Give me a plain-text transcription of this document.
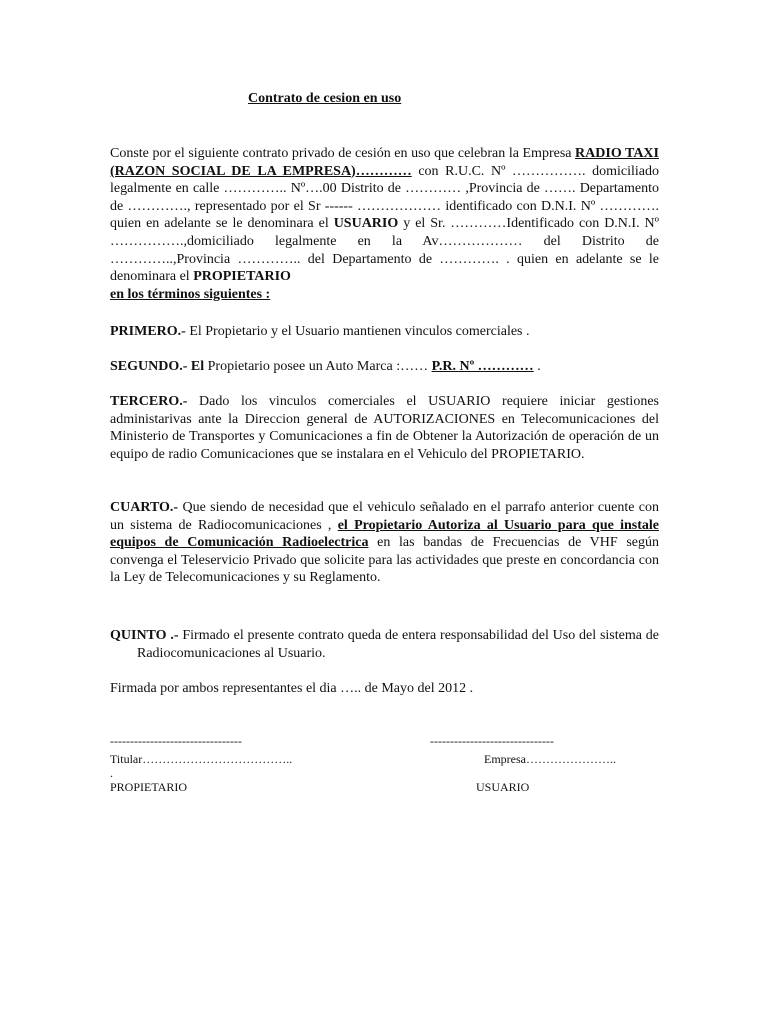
Contrato de cesion en uso
Conste por el siguiente contrato privado de cesión en uso que celebran la Empresa RADIO TAXI (RAZON SOCIAL DE LA EMPRESA)………… con R.U.C. Nº ……………. domiciliado legalmente en calle ………….. Nº….00 Distrito de ………… ,Provincia de ……. Departamento de …………., representado por el Sr ------ ……………… identificado con D.N.I. Nº …………. quien en adelante se le denominara el USUARIO y el Sr. …………Identificado con D.N.I. Nº …………….,domiciliado legalmente en la Av……………… del Distrito de …………..,Provincia ………….. del Departamento de …………. . quien en adelante se le denominara el PROPIETARIO
en los términos siguientes :
PRIMERO.- El Propietario y el Usuario mantienen vinculos comerciales .
SEGUNDO.- El Propietario posee un Auto Marca :…… P.R. Nº ………… .
TERCERO.- Dado los vinculos comerciales el USUARIO requiere iniciar gestiones administarivas ante la Direccion general de AUTORIZACIONES en Telecomunicaciones del Ministerio de Transportes y Comunicaciones a fin de Obtener la Autorización de operación de un equipo de radio Comunicaciones que se instalara en el Vehiculo del PROPIETARIO.
CUARTO.- Que siendo de necesidad que el vehiculo señalado en el parrafo anterior cuente con un sistema de Radiocomunicaciones , el Propietario Autoriza al Usuario para que instale equipos de Comunicación Radioelectrica en las bandas de Frecuencias de VHF según convenga el Teleservicio Privado que solicite para las actividades que preste en concordancia con la Ley de Telecomunicaciones y su Reglamento.
QUINTO .- Firmado el presente contrato queda de entera responsabilidad del Uso del sistema de Radiocomunicaciones al Usuario.
Firmada por ambos representantes el dia ….. de Mayo del 2012 .
---------------------------------	-------------------------------
Titular………………………………..
.
Empresa…………………..
PROPIETARIO	USUARIO
